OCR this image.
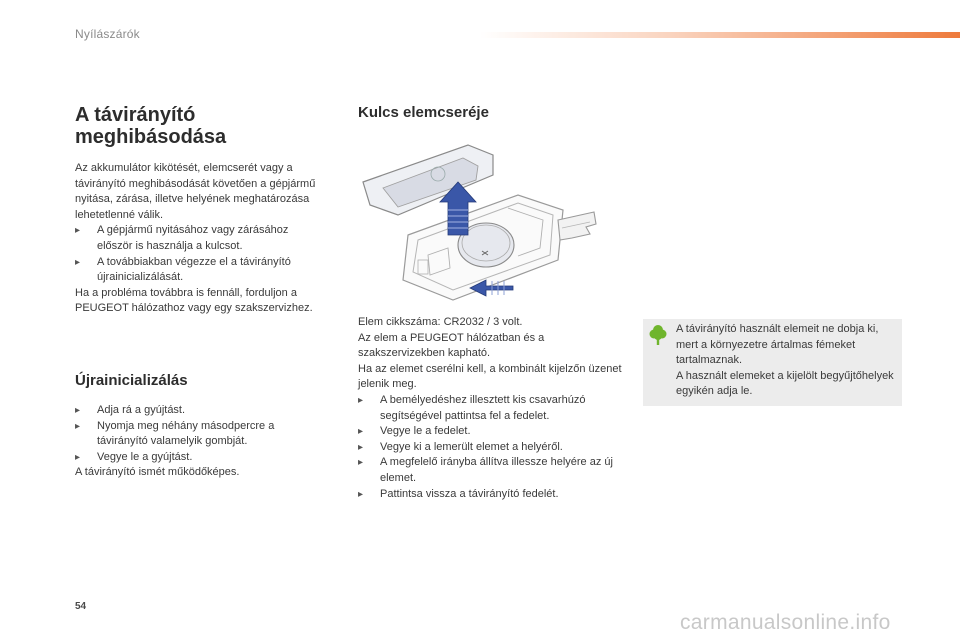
Nyílászárók
A távirányító
meghibásodása

Az akkumulátor kikötését, elemcserét vagy a távirányító meghibásodását követően a gépjármű nyitása, zárása, illetve helyének meghatározása lehetetlenné válik.

▸ A gépjármű nyitásához vagy zárásához először is használja a kulcsot.
▸ A továbbiakban végezze el a távirányító újrainicializálását.

Ha a probléma továbbra is fennáll, forduljon a PEUGEOT hálózathoz vagy egy szakszervizhez.

Újrainicializálás
▸ Adja rá a gyújtást.
▸ Nyomja meg néhány másodpercre a távirányító valamelyik gombját.
▸ Vegye le a gyújtást.

A távirányító ismét működőképes.

Kulcs elemcseréje

Elem cikkszáma: CR2032 / 3 volt.

Az elem a PEUGEOT hálózatban és a szakszervizekben kapható.

Ha az elemet cserélni kell, a kombinált kijelzőn üzenet jelenik meg.

▸ A bemélyedéshez illesztett kis csavarhúzó segítségével pattintsa fel a fedelet.
▸ Vegye le a fedelet.
▸ Vegye ki a lemerült elemet a helyéről.
▸ A megfelelő irányba állítva illessze helyére az új elemet.
▸ Pattintsa vissza a távirányító fedelét.
A távirányító használt elemeit ne dobja ki, mert a környezetre ártalmas fémeket tartalmaznak.
A használt elemeket a kijelölt begyűjtőhelyek egyikén adja le.
54
carmanualsonline.info
